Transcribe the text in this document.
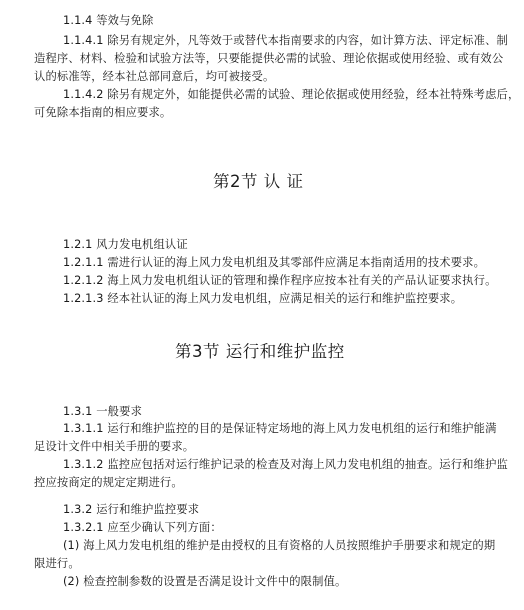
1.1.4 等效与免除
1.1.4.1 除另有规定外，凡等效于或替代本指南要求的内容，如计算方法、评定标准、制
造程序、材料、检验和试验方法等，只要能提供必需的试验、理论依据或使用经验、或有效公
认的标准等，经本社总部同意后，均可被接受。
1.1.4.2 除另有规定外，如能提供必需的试验、理论依据或使用经验，经本社特殊考虑后，
可免除本指南的相应要求。
第2节 认 证
1.2.1 风力发电机组认证
1.2.1.1 需进行认证的海上风力发电机组及其零部件应满足本指南适用的技术要求。
1.2.1.2 海上风力发电机组认证的管理和操作程序应按本社有关的产品认证要求执行。
1.2.1.3 经本社认证的海上风力发电机组，应满足相关的运行和维护监控要求。
第3节 运行和维护监控
1.3.1 一般要求
1.3.1.1 运行和维护监控的目的是保证特定场地的海上风力发电机组的运行和维护能满
足设计文件中相关手册的要求。
1.3.1.2 监控应包括对运行维护记录的检查及对海上风力发电机组的抽查。运行和维护监
控应按商定的规定定期进行。
1.3.2 运行和维护监控要求
1.3.2.1 应至少确认下列方面：
(1) 海上风力发电机组的维护是由授权的且有资格的人员按照维护手册要求和规定的期
限进行。
(2) 检查控制参数的设置是否满足设计文件中的限制值。
